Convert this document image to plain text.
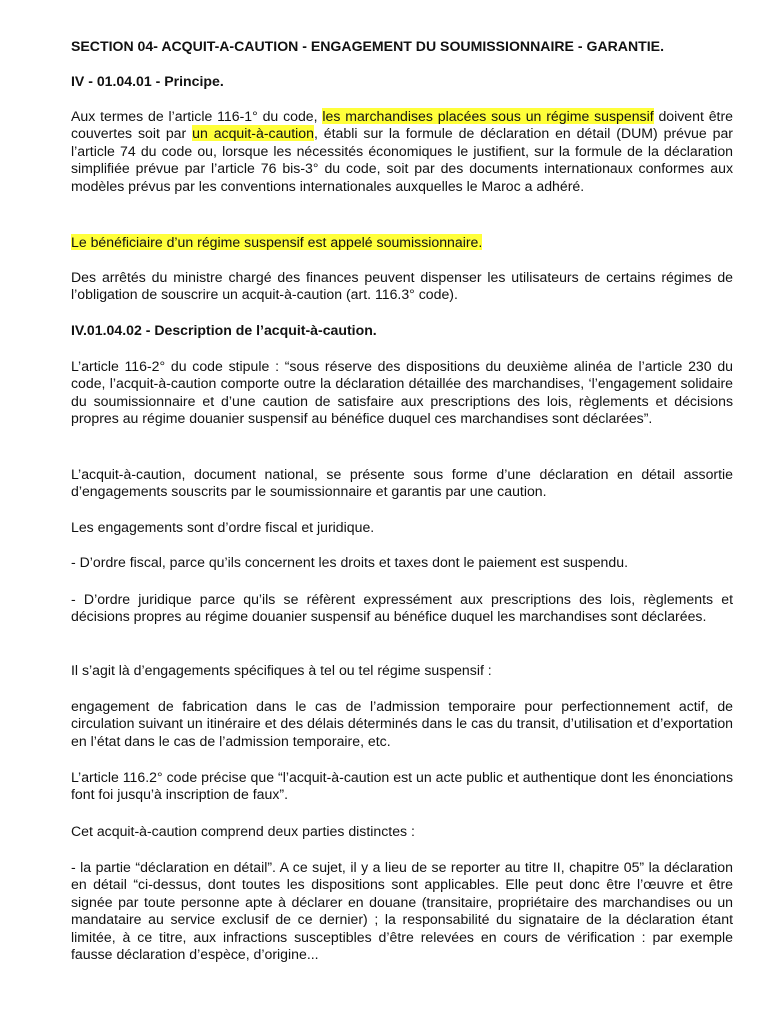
SECTION 04- ACQUIT-A-CAUTION - ENGAGEMENT DU SOUMISSIONNAIRE - GARANTIE.

IV - 01.04.01 - Principe.

Aux termes de l’article 116-1° du code, les marchandises placées sous un régime suspensif doivent être couvertes soit par un acquit-à-caution, établi sur la formule de déclaration en détail (DUM) prévue par l’article 74 du code ou, lorsque les nécessités économiques le justifient, sur la formule de la déclaration simplifiée prévue par l’article 76 bis-3° du code, soit par des documents internationaux conformes aux modèles prévus par les conventions internationales auxquelles le Maroc a adhéré.

Le bénéficiaire d’un régime suspensif est appelé soumissionnaire.

Des arrêtés du ministre chargé des finances peuvent dispenser les utilisateurs de certains régimes de l’obligation de souscrire un acquit-à-caution (art. 116.3° code).

IV.01.04.02 - Description de l’acquit-à-caution.

L’article 116-2° du code stipule : “sous réserve des dispositions du deuxième alinéa de l’article 230 du code, l’acquit-à-caution comporte outre la déclaration détaillée des marchandises, ‘l’engagement solidaire du soumissionnaire et d’une caution de satisfaire aux prescriptions des lois, règlements et décisions propres au régime douanier suspensif au bénéfice duquel ces marchandises sont déclarées”.

L’acquit-à-caution, document national, se présente sous forme d’une déclaration en détail assortie d’engagements souscrits par le soumissionnaire et garantis par une caution.

Les engagements sont d’ordre fiscal et juridique.

- D’ordre fiscal, parce qu’ils concernent les droits et taxes dont le paiement est suspendu.

- D’ordre juridique parce qu’ils se réfèrent expressément aux prescriptions des lois, règlements et décisions propres au régime douanier suspensif au bénéfice duquel les marchandises sont déclarées.

Il s’agit là d’engagements spécifiques à tel ou tel régime suspensif :

engagement de fabrication dans le cas de l’admission temporaire pour perfectionnement actif, de circulation suivant un itinéraire et des délais déterminés dans le cas du transit, d’utilisation et d’exportation en l’état dans le cas de l’admission temporaire, etc.

L’article 116.2° code précise que “l’acquit-à-caution est un acte public et authentique dont les énonciations font foi jusqu’à inscription de faux”.

Cet acquit-à-caution comprend deux parties distinctes :

- la partie “déclaration en détail”. A ce sujet, il y a lieu de se reporter au titre II, chapitre 05” la déclaration en détail “ci-dessus, dont toutes les dispositions sont applicables. Elle peut donc être l’œuvre et être signée par toute personne apte à déclarer en douane (transitaire, propriétaire des marchandises ou un mandataire au service exclusif de ce dernier) ; la responsabilité du signataire de la déclaration étant limitée, à ce titre, aux infractions susceptibles d’être relevées en cours de vérification : par exemple fausse déclaration d’espèce, d’origine...
